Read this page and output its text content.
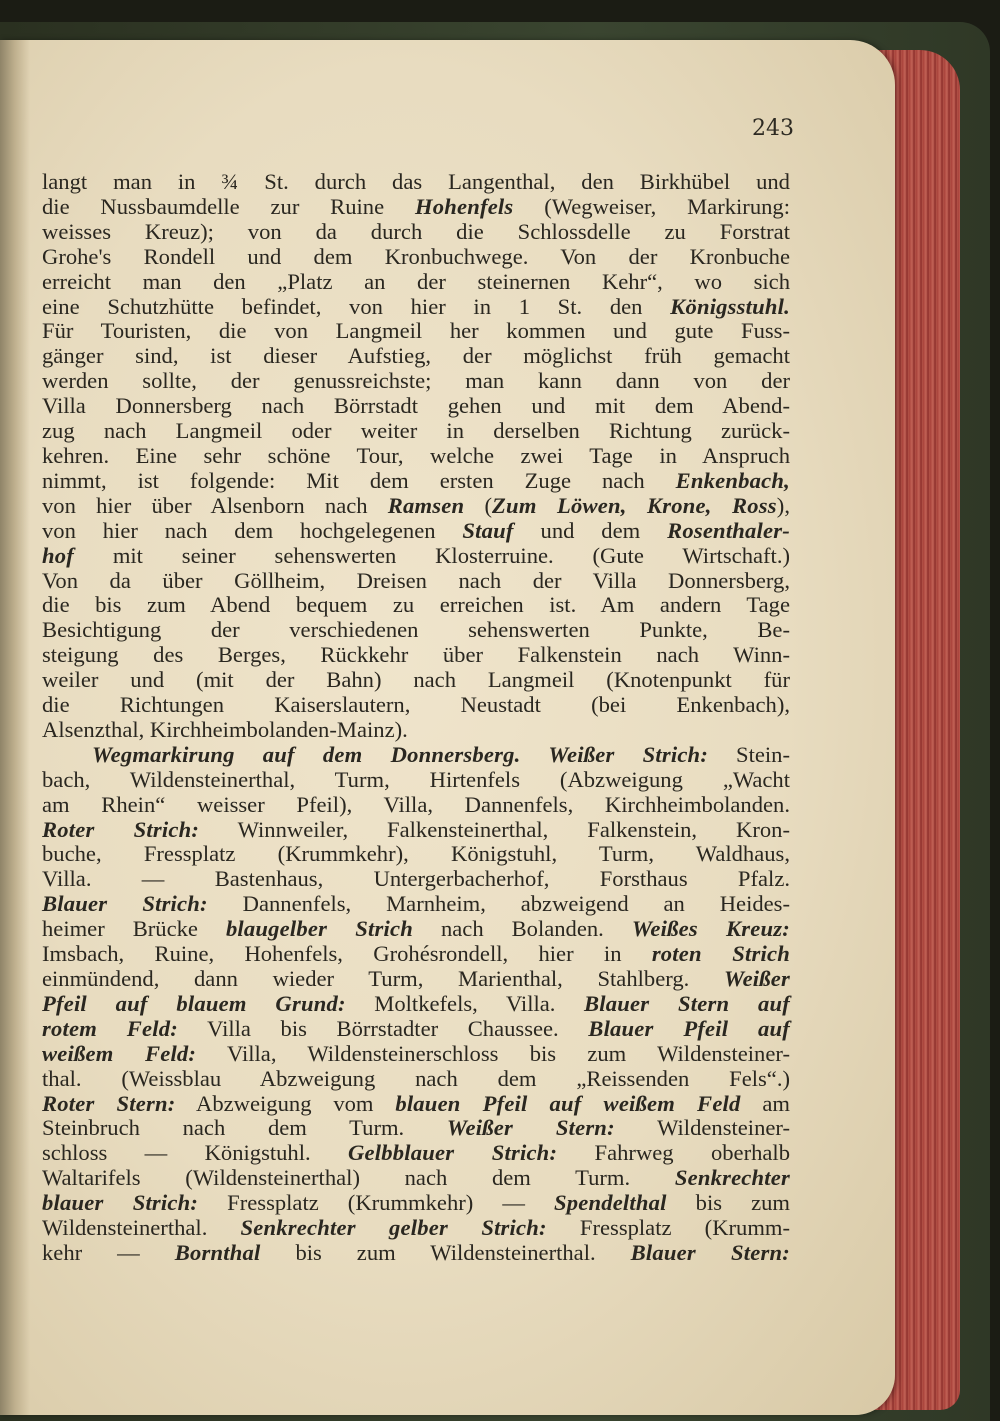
243
langt man in ¾ St. durch das Langenthal, den Birkhübel und
die Nussbaumdelle zur Ruine Hohenfels (Wegweiser, Markirung:
weisses Kreuz); von da durch die Schlossdelle zu Forstrat
Grohe's Rondell und dem Kronbuchwege. Von der Kronbuche
erreicht man den „Platz an der steinernen Kehr“, wo sich
eine Schutzhütte befindet, von hier in 1 St. den Königsstuhl.
Für Touristen, die von Langmeil her kommen und gute Fuss-
gänger sind, ist dieser Aufstieg, der möglichst früh gemacht
werden sollte, der genussreichste; man kann dann von der
Villa Donnersberg nach Börrstadt gehen und mit dem Abend-
zug nach Langmeil oder weiter in derselben Richtung zurück-
kehren. Eine sehr schöne Tour, welche zwei Tage in Anspruch
nimmt, ist folgende: Mit dem ersten Zuge nach Enkenbach,
von hier über Alsenborn nach Ramsen (Zum Löwen, Krone, Ross),
von hier nach dem hochgelegenen Stauf und dem Rosenthaler-
hof mit seiner sehenswerten Klosterruine. (Gute Wirtschaft.)
Von da über Göllheim, Dreisen nach der Villa Donnersberg,
die bis zum Abend bequem zu erreichen ist. Am andern Tage
Besichtigung der verschiedenen sehenswerten Punkte, Be-
steigung des Berges, Rückkehr über Falkenstein nach Winn-
weiler und (mit der Bahn) nach Langmeil (Knotenpunkt für
die Richtungen Kaiserslautern, Neustadt (bei Enkenbach),
Alsenzthal, Kirchheimbolanden-Mainz).
Wegmarkirung auf dem Donnersberg. Weißer Strich: Stein-
bach, Wildensteinerthal, Turm, Hirtenfels (Abzweigung „Wacht
am Rhein“ weisser Pfeil), Villa, Dannenfels, Kirchheimbolanden.
Roter Strich: Winnweiler, Falkensteinerthal, Falkenstein, Kron-
buche, Fressplatz (Krummkehr), Königstuhl, Turm, Waldhaus,
Villa. — Bastenhaus, Untergerbacherhof, Forsthaus Pfalz.
Blauer Strich: Dannenfels, Marnheim, abzweigend an Heides-
heimer Brücke blaugelber Strich nach Bolanden. Weißes Kreuz:
Imsbach, Ruine, Hohenfels, Grohésrondell, hier in roten Strich
einmündend, dann wieder Turm, Marienthal, Stahlberg. Weißer
Pfeil auf blauem Grund: Moltkefels, Villa. Blauer Stern auf
rotem Feld: Villa bis Börrstadter Chaussee. Blauer Pfeil auf
weißem Feld: Villa, Wildensteinerschloss bis zum Wildensteiner-
thal. (Weissblau Abzweigung nach dem „Reissenden Fels“.)
Roter Stern: Abzweigung vom blauen Pfeil auf weißem Feld am
Steinbruch nach dem Turm. Weißer Stern: Wildensteiner-
schloss — Königstuhl. Gelbblauer Strich: Fahrweg oberhalb
Waltarifels (Wildensteinerthal) nach dem Turm. Senkrechter
blauer Strich: Fressplatz (Krummkehr) — Spendelthal bis zum
Wildensteinerthal. Senkrechter gelber Strich: Fressplatz (Krumm-
kehr — Bornthal bis zum Wildensteinerthal. Blauer Stern:
